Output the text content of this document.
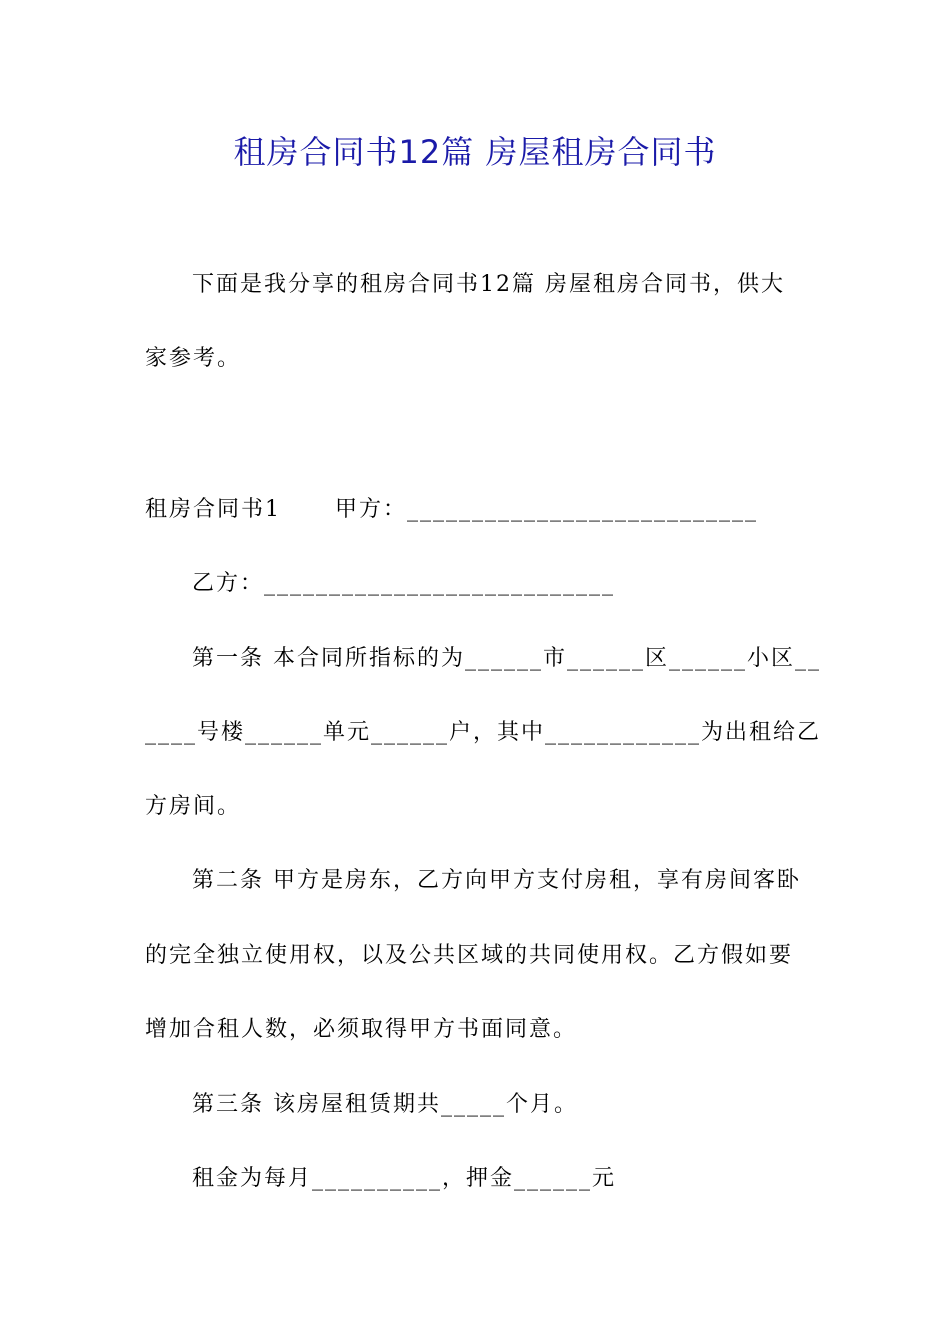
租房合同书12篇 房屋租房合同书
下面是我分享的租房合同书12篇 房屋租房合同书，供大
家参考。
租房合同书1      甲方：___________________________
乙方：___________________________
第一条 本合同所指标的为______市______区______小区__
____号楼______单元______户，其中____________为出租给乙
方房间。
第二条 甲方是房东，乙方向甲方支付房租，享有房间客卧
的完全独立使用权，以及公共区域的共同使用权。乙方假如要
增加合租人数，必须取得甲方书面同意。
第三条 该房屋租赁期共_____个月。
租金为每月__________，押金______元
